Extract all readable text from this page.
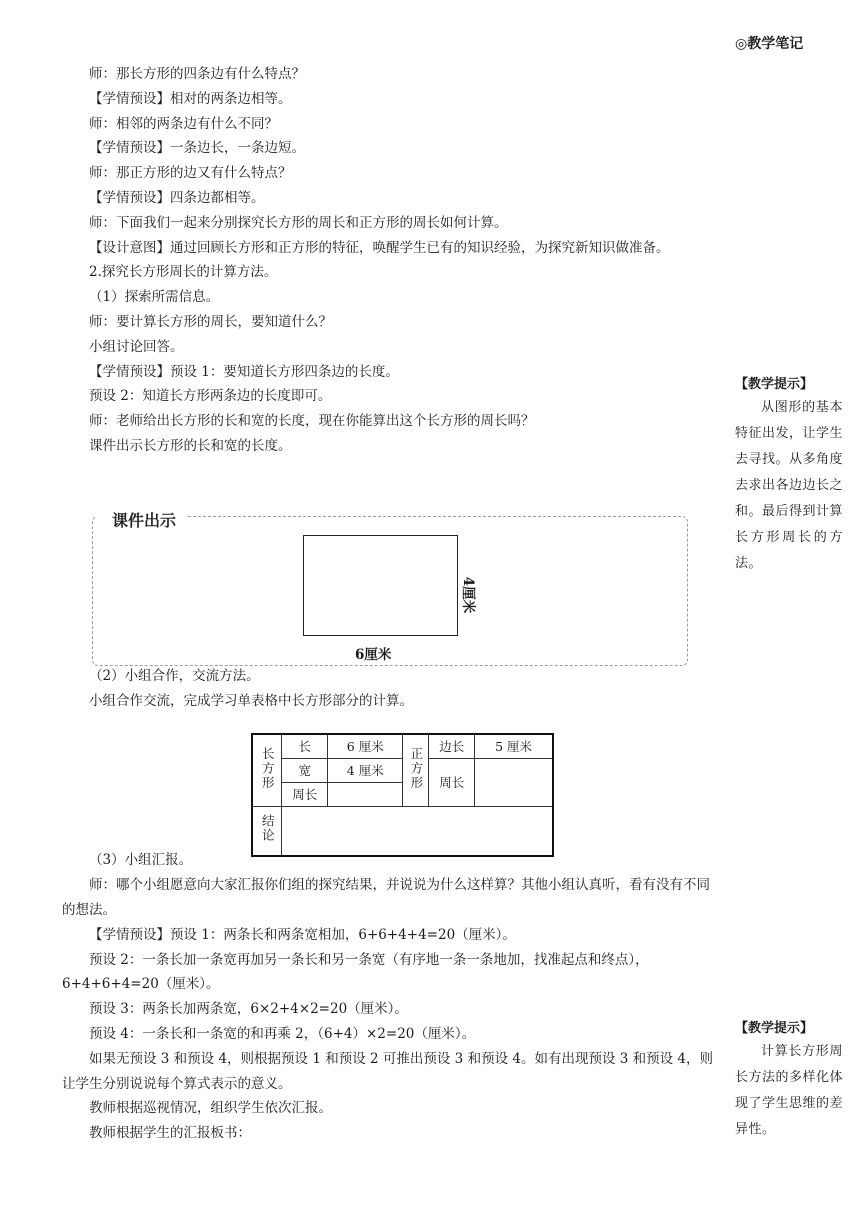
◎教学笔记
师：那长方形的四条边有什么特点？
【学情预设】相对的两条边相等。
师：相邻的两条边有什么不同？
【学情预设】一条边长，一条边短。
师：那正方形的边又有什么特点？
【学情预设】四条边都相等。
师：下面我们一起来分别探究长方形的周长和正方形的周长如何计算。
【设计意图】通过回顾长方形和正方形的特征，唤醒学生已有的知识经验，为探究新知识做准备。
2.探究长方形周长的计算方法。
（1）探索所需信息。
师：要计算长方形的周长，要知道什么？
小组讨论回答。
【学情预设】预设 1：要知道长方形四条边的长度。
预设 2：知道长方形两条边的长度即可。
师：老师给出长方形的长和宽的长度，现在你能算出这个长方形的周长吗？
课件出示长方形的长和宽的长度。
（2）小组合作，交流方法。
小组合作交流，完成学习单表格中长方形部分的计算。
（3）小组汇报。
师：哪个小组愿意向大家汇报你们组的探究结果，并说说为什么这样算？其他小组认真听，看有没有不同的想法。
【学情预设】预设 1：两条长和两条宽相加，6+6+4+4=20（厘米）。
预设 2：一条长加一条宽再加另一条长和另一条宽（有序地一条一条地加，找准起点和终点），6+4+6+4=20（厘米）。
预设 3：两条长加两条宽，6×2+4×2=20（厘米）。
预设 4：一条长和一条宽的和再乘 2，（6+4）×2=20（厘米）。
如果无预设 3 和预设 4，则根据预设 1 和预设 2 可推出预设 3 和预设 4。如有出现预设 3 和预设 4，则让学生分别说说每个算式表示的意义。
教师根据巡视情况，组织学生依次汇报。
教师根据学生的汇报板书：
课件出示
6厘米
4厘米
长方形	长	6 厘米	正方形	边长	5 厘米
	宽	4 厘米		周长	
	周长				
结论					
【教学提示】
从图形的基本特征出发，让学生去寻找。从多角度去求出各边边长之和。最后得到计算长方形周长的方法。
【教学提示】
计算长方形周长方法的多样化体现了学生思维的差异性。
